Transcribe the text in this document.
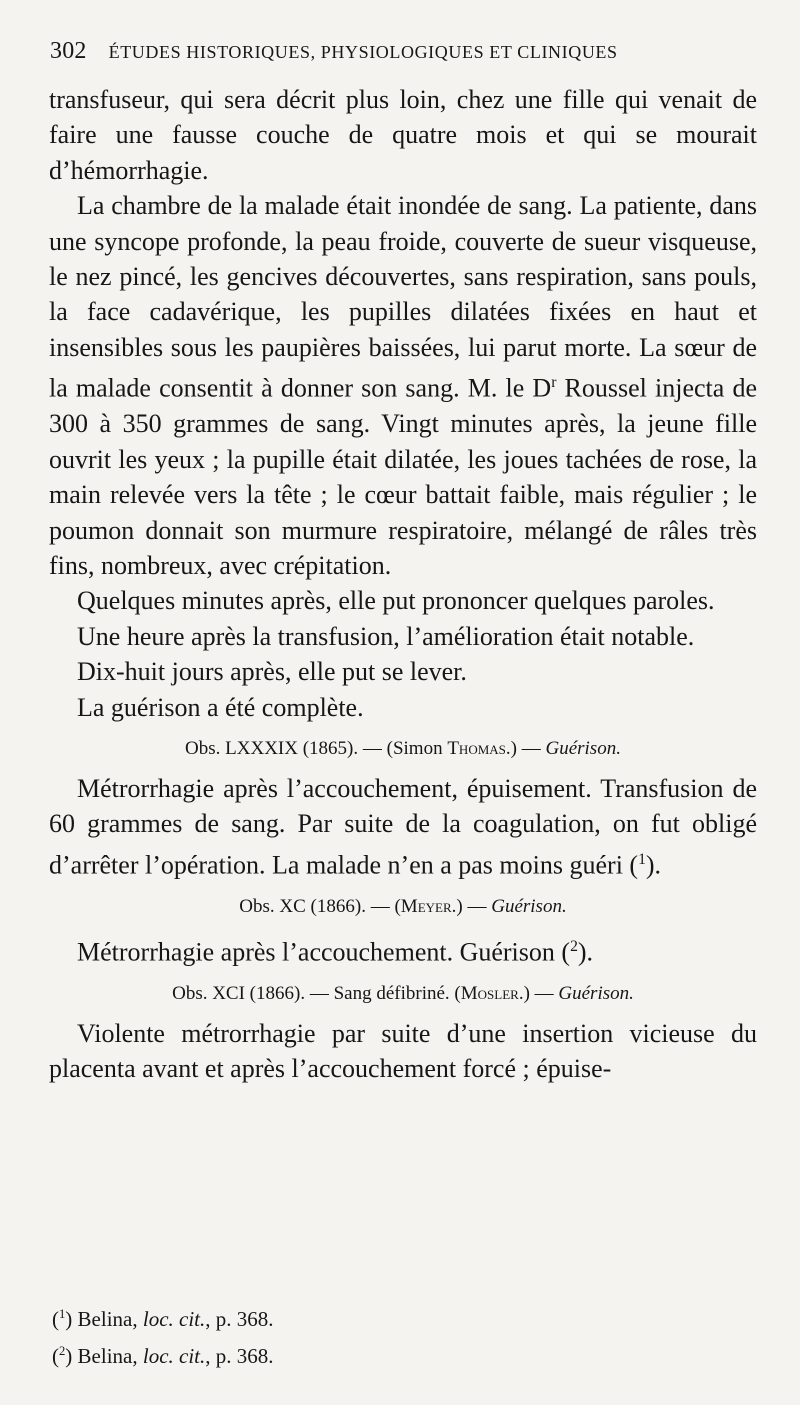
302 ÉTUDES HISTORIQUES, PHYSIOLOGIQUES ET CLINIQUES

transfuseur, qui sera décrit plus loin, chez une fille qui venait de faire une fausse couche de quatre mois et qui se mourait d’hémorrhagie.

La chambre de la malade était inondée de sang. La patiente, dans une syncope profonde, la peau froide, couverte de sueur visqueuse, le nez pincé, les gencives découvertes, sans respiration, sans pouls, la face cadavérique, les pupilles dilatées fixées en haut et insensibles sous les paupières baissées, lui parut morte. La sœur de la malade consentit à donner son sang. M. le $D^r$ Roussel injecta de 300 à 350 grammes de sang. Vingt minutes après, la jeune fille ouvrit les yeux ; la pupille était dilatée, les joues tachées de rose, la main relevée vers la tête ; le cœur battait faible, mais régulier ; le poumon donnait son murmure respiratoire, mélangé de râles très fins, nombreux, avec crépitation.

Quelques minutes après, elle put prononcer quelques paroles.

Une heure après la transfusion, l’amélioration était notable.

Dix-huit jours après, elle put se lever.

La guérison a été complète.

Obs. LXXXIX (1865). — (Simon Thomas.) — Guérison.

Métrorrhagie après l’accouchement, épuisement. Transfusion de 60 grammes de sang. Par suite de la coagulation, on fut obligé d’arrêter l’opération. La malade n’en a pas moins guéri ($^1$).

Obs. XC (1866). — (Meyer.) — Guérison.

Métrorrhagie après l’accouchement. Guérison ($^2$).

Obs. XCI (1866). — Sang défibriné. (Mosler.) — Guérison.

Violente métrorrhagie par suite d’une insertion vicieuse du placenta avant et après l’accouchement forcé ; épuise-

($^1$) Belina, loc. cit., p. 368.

($^2$) Belina, loc. cit., p. 368.
